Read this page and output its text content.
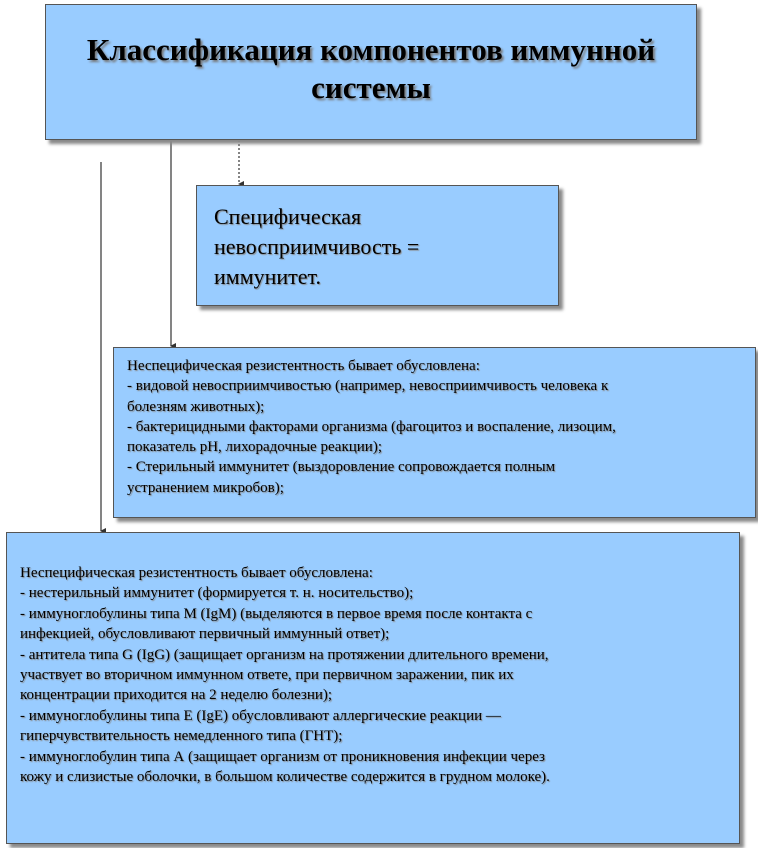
Классификация компонентов иммунной системы
Специфическая
невосприимчивость =
иммунитет.
Неспецифическая резистентность бывает обусловлена:
- видовой невосприимчивостью (например, невосприимчивость человека к
болезням животных);
- бактерицидными факторами организма (фагоцитоз и воспаление, лизоцим,
показатель pH, лихорадочные реакции);
- Стерильный иммунитет (выздоровление сопровождается полным
устранением микробов);
Неспецифическая резистентность бывает обусловлена:
- нестерильный иммунитет (формируется т. н. носительство);
- иммуноглобулины типа М (IgM) (выделяются в первое время после контакта с
инфекцией, обусловливают первичный иммунный ответ);
- антитела типа G (IgG) (защищает организм на протяжении длительного времени,
участвует во вторичном иммунном ответе, при первичном заражении, пик их
концентрации приходится на 2 неделю болезни);
- иммуноглобулины типа Е (IgE) обусловливают аллергические реакции —
гиперчувствительность немедленного типа (ГНТ);
- иммуноглобулин типа А (защищает организм от проникновения инфекции через
кожу и слизистые оболочки, в большом количестве содержится в грудном молоке).
